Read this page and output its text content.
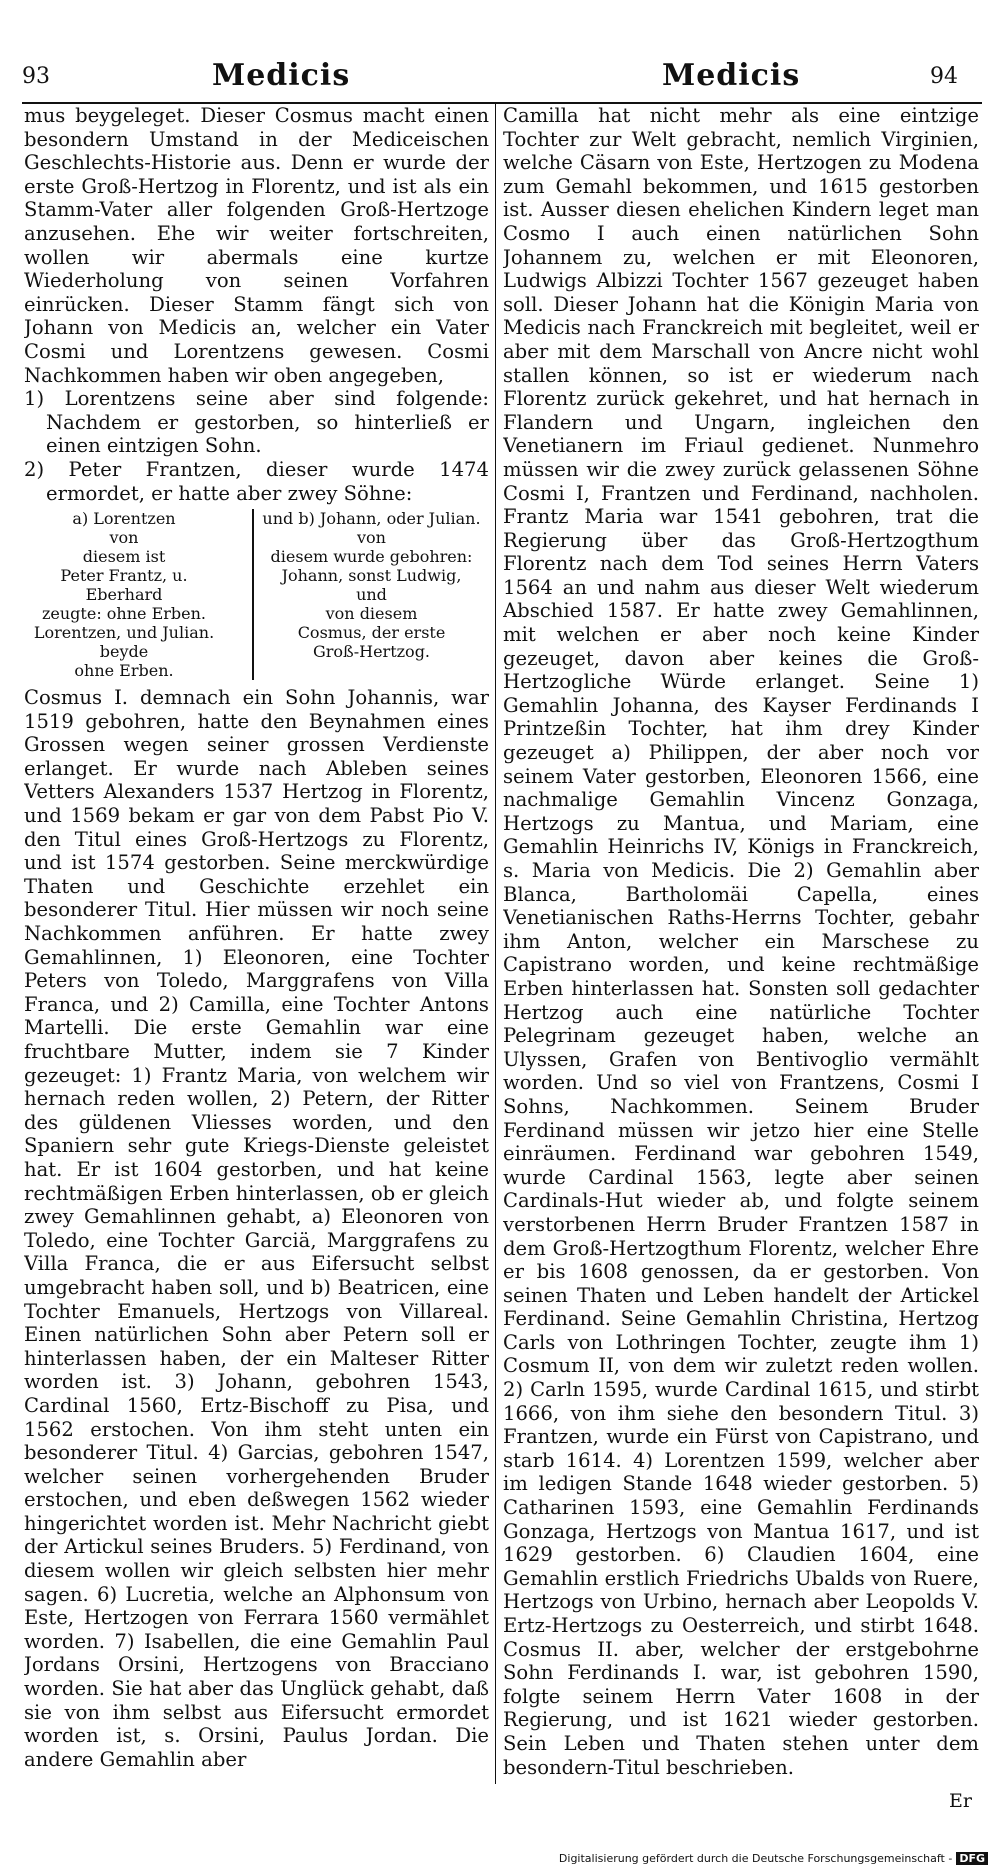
93	Medicis	Medicis	94

mus beygeleget. Dieser Cosmus macht einen besondern Umstand in der Mediceischen Geschlechts-Historie aus. Denn er wurde der erste Groß-Hertzog in Florentz, und ist als ein Stamm-Vater aller folgenden Groß-Hertzoge anzusehen. Ehe wir weiter fortschreiten, wollen wir abermals eine kurtze Wiederholung von seinen Vorfahren einrücken. Dieser Stamm fängt sich von Johann von Medicis an, welcher ein Vater Cosmi und Lorentzens gewesen. Cosmi Nachkommen haben wir oben angegeben,

1) Lorentzens seine aber sind folgende: Nachdem er gestorben, so hinterließ er einen eintzigen Sohn.

2) Peter Frantzen, dieser wurde 1474 ermordet, er hatte aber zwey Söhne:

a) Lorentzen
von
diesem ist
Peter Frantz, u. Eberhard
zeugte: ohne Erben.
Lorentzen, und Julian.
beyde
ohne Erben.
und b) Johann, oder Julian.
von
diesem wurde gebohren:
Johann, sonst Ludwig,
und
von diesem
Cosmus, der erste
Groß-Hertzog.

Cosmus I. demnach ein Sohn Johannis, war 1519 gebohren, hatte den Beynahmen eines Grossen wegen seiner grossen Verdienste erlanget. Er wurde nach Ableben seines Vetters Alexanders 1537 Hertzog in Florentz, und 1569 bekam er gar von dem Pabst Pio V. den Titul eines Groß-Hertzogs zu Florentz, und ist 1574 gestorben. Seine merckwürdige Thaten und Geschichte erzehlet ein besonderer Titul. Hier müssen wir noch seine Nachkommen anführen. Er hatte zwey Gemahlinnen, 1) Eleonoren, eine Tochter Peters von Toledo, Marggrafens von Villa Franca, und 2) Camilla, eine Tochter Antons Martelli. Die erste Gemahlin war eine fruchtbare Mutter, indem sie 7 Kinder gezeuget: 1) Frantz Maria, von welchem wir hernach reden wollen, 2) Petern, der Ritter des güldenen Vliesses worden, und den Spaniern sehr gute Kriegs-Dienste geleistet hat. Er ist 1604 gestorben, und hat keine rechtmäßigen Erben hinterlassen, ob er gleich zwey Gemahlinnen gehabt, a) Eleonoren von Toledo, eine Tochter Garciä, Marggrafens zu Villa Franca, die er aus Eifersucht selbst umgebracht haben soll, und b) Beatricen, eine Tochter Emanuels, Hertzogs von Villareal. Einen natürlichen Sohn aber Petern soll er hinterlassen haben, der ein Malteser Ritter worden ist. 3) Johann, gebohren 1543, Cardinal 1560, Ertz-Bischoff zu Pisa, und 1562 erstochen. Von ihm steht unten ein besonderer Titul. 4) Garcias, gebohren 1547, welcher seinen vorhergehenden Bruder erstochen, und eben deßwegen 1562 wieder hingerichtet worden ist. Mehr Nachricht giebt der Artickul seines Bruders. 5) Ferdinand, von diesem wollen wir gleich selbsten hier mehr sagen. 6) Lucretia, welche an Alphonsum von Este, Hertzogen von Ferrara 1560 vermählet worden. 7) Isabellen, die eine Gemahlin Paul Jordans Orsini, Hertzogens von Bracciano worden. Sie hat aber das Unglück gehabt, daß sie von ihm selbst aus Eifersucht ermordet worden ist, s. Orsini, Paulus Jordan. Die andere Gemahlin aber

Camilla hat nicht mehr als eine eintzige Tochter zur Welt gebracht, nemlich Virginien, welche Cäsarn von Este, Hertzogen zu Modena zum Gemahl bekommen, und 1615 gestorben ist. Ausser diesen ehelichen Kindern leget man Cosmo I auch einen natürlichen Sohn Johannem zu, welchen er mit Eleonoren, Ludwigs Albizzi Tochter 1567 gezeuget haben soll. Dieser Johann hat die Königin Maria von Medicis nach Franckreich mit begleitet, weil er aber mit dem Marschall von Ancre nicht wohl stallen können, so ist er wiederum nach Florentz zurück gekehret, und hat hernach in Flandern und Ungarn, ingleichen den Venetianern im Friaul gedienet. Nunmehro müssen wir die zwey zurück gelassenen Söhne Cosmi I, Frantzen und Ferdinand, nachholen. Frantz Maria war 1541 gebohren, trat die Regierung über das Groß-Hertzogthum Florentz nach dem Tod seines Herrn Vaters 1564 an und nahm aus dieser Welt wiederum Abschied 1587. Er hatte zwey Gemahlinnen, mit welchen er aber noch keine Kinder gezeuget, davon aber keines die Groß-Hertzogliche Würde erlanget. Seine 1) Gemahlin Johanna, des Kayser Ferdinands I Printzeßin Tochter, hat ihm drey Kinder gezeuget a) Philippen, der aber noch vor seinem Vater gestorben, Eleonoren 1566, eine nachmalige Gemahlin Vincenz Gonzaga, Hertzogs zu Mantua, und Mariam, eine Gemahlin Heinrichs IV, Königs in Franckreich, s. Maria von Medicis. Die 2) Gemahlin aber Blanca, Bartholomäi Capella, eines Venetianischen Raths-Herrns Tochter, gebahr ihm Anton, welcher ein Marschese zu Capistrano worden, und keine rechtmäßige Erben hinterlassen hat. Sonsten soll gedachter Hertzog auch eine natürliche Tochter Pelegrinam gezeuget haben, welche an Ulyssen, Grafen von Bentivoglio vermählt worden. Und so viel von Frantzens, Cosmi I Sohns, Nachkommen. Seinem Bruder Ferdinand müssen wir jetzo hier eine Stelle einräumen. Ferdinand war gebohren 1549, wurde Cardinal 1563, legte aber seinen Cardinals-Hut wieder ab, und folgte seinem verstorbenen Herrn Bruder Frantzen 1587 in dem Groß-Hertzogthum Florentz, welcher Ehre er bis 1608 genossen, da er gestorben. Von seinen Thaten und Leben handelt der Artickel Ferdinand. Seine Gemahlin Christina, Hertzog Carls von Lothringen Tochter, zeugte ihm 1) Cosmum II, von dem wir zuletzt reden wollen. 2) Carln 1595, wurde Cardinal 1615, und stirbt 1666, von ihm siehe den besondern Titul. 3) Frantzen, wurde ein Fürst von Capistrano, und starb 1614. 4) Lorentzen 1599, welcher aber im ledigen Stande 1648 wieder gestorben. 5) Catharinen 1593, eine Gemahlin Ferdinands Gonzaga, Hertzogs von Mantua 1617, und ist 1629 gestorben. 6) Claudien 1604, eine Gemahlin erstlich Friedrichs Ubalds von Ruere, Hertzogs von Urbino, hernach aber Leopolds V. Ertz-Hertzogs zu Oesterreich, und stirbt 1648. Cosmus II. aber, welcher der erstgebohrne Sohn Ferdinands I. war, ist gebohren 1590, folgte seinem Herrn Vater 1608 in der Regierung, und ist 1621 wieder gestorben. Sein Leben und Thaten stehen unter dem besondern-Titul beschrieben.

Er
Digitalisierung gefördert durch die Deutsche Forschungsgemeinschaft - DFG
